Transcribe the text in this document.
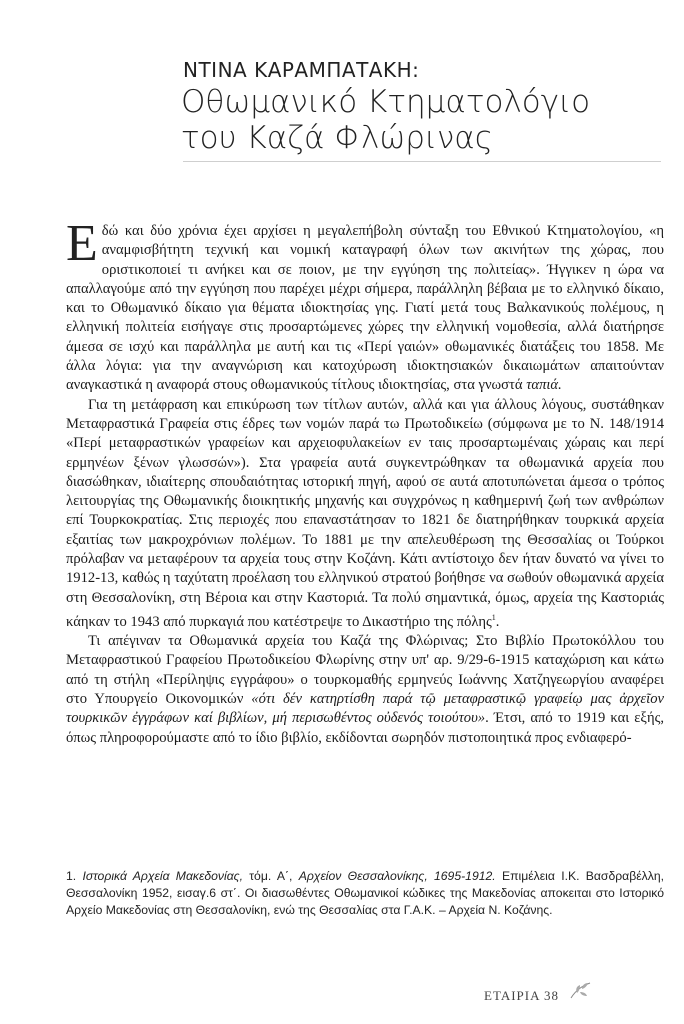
ΝΤΙΝΑ ΚΑΡΑΜΠΑΤΑΚΗ:
Οθωμανικό Κτηματολόγιο
του Καζά Φλώρινας

Εδώ και δύο χρόνια έχει αρχίσει η μεγαλεπήβολη σύνταξη του Εθνικού Κτηματολογίου, «η αναμφισβήτητη τεχνική και νομική καταγραφή όλων των ακινήτων της χώρας, που οριστικοποιεί τι ανήκει και σε ποιον, με την εγγύηση της πολιτείας». Ήγγικεν η ώρα να απαλλαγούμε από την εγγύηση που παρέχει μέχρι σήμερα, παράλληλη βέβαια με το ελληνικό δίκαιο, και το Οθωμανικό δίκαιο για θέματα ιδιοκτησίας γης. Γιατί μετά τους Βαλκανικούς πολέμους, η ελληνική πολιτεία εισήγαγε στις προσαρτώμενες χώρες την ελληνική νομοθεσία, αλλά διατήρησε άμεσα σε ισχύ και παράλληλα με αυτή και τις «Περί γαιών» οθωμανικές διατάξεις του 1858. Με άλλα λόγια: για την αναγνώριση και κατοχύρωση ιδιοκτησιακών δικαιωμάτων απαιτούνταν αναγκαστικά η αναφορά στους οθωμανικούς τίτλους ιδιοκτησίας, στα γνωστά ταπιά.

Για τη μετάφραση και επικύρωση των τίτλων αυτών, αλλά και για άλλους λόγους, συστάθηκαν Μεταφραστικά Γραφεία στις έδρες των νομών παρά τω Πρωτοδικείω (σύμφωνα με το Ν. 148/1914 «Περί μεταφραστικών γραφείων και αρχειοφυλακείων εν ταις προσαρτωμέναις χώραις και περί ερμηνέων ξένων γλωσσών»). Στα γραφεία αυτά συγκεντρώθηκαν τα οθωμανικά αρχεία που διασώθηκαν, ιδιαίτερης σπουδαιότητας ιστορική πηγή, αφού σε αυτά αποτυπώνεται άμεσα ο τρόπος λειτουργίας της Οθωμανικής διοικητικής μηχανής και συγχρόνως η καθημερινή ζωή των ανθρώπων επί Τουρκοκρατίας. Στις περιοχές που επαναστάτησαν το 1821 δε διατηρήθηκαν τουρκικά αρχεία εξαιτίας των μακροχρόνιων πολέμων. Το 1881 με την απελευθέρωση της Θεσσαλίας οι Τούρκοι πρόλαβαν να μεταφέρουν τα αρχεία τους στην Κοζάνη. Κάτι αντίστοιχο δεν ήταν δυνατό να γίνει το 1912-13, καθώς η ταχύτατη προέλαση του ελληνικού στρατού βοήθησε να σωθούν οθωμανικά αρχεία στη Θεσσαλονίκη, στη Βέροια και στην Καστοριά. Τα πολύ σημαντικά, όμως, αρχεία της Καστοριάς κάηκαν το 1943 από πυρκαγιά που κατέστρεψε το Δικαστήριο της πόλης$^1$.

Τι απέγιναν τα Οθωμανικά αρχεία του Καζά της Φλώρινας; Στο Βιβλίο Πρωτοκόλλου του Μεταφραστικού Γραφείου Πρωτοδικείου Φλωρίνης στην υπ' αρ. 9/29-6-1915 καταχώριση και κάτω από τη στήλη «Περίληψις εγγράφου» ο τουρκομαθής ερμηνεύς Ιωάννης Χατζηγεωργίου αναφέρει στο Υπουργείο Οικονομικών «ότι δέν κατηρτίσθη παρά τῷ μεταφραστικῷ γραφείῳ μας ἀρχεῖον τουρκικῶν ἐγγράφων καί βιβλίων, μή περισωθέντος οὐδενός τοιούτου». Έτσι, από το 1919 και εξής, όπως πληροφορούμαστε από το ίδιο βιβλίο, εκδίδονται σωρηδόν πιστοποιητικά προς ενδιαφερό-

1. Ιστορικά Αρχεία Μακεδονίας, τόμ. Α΄, Αρχείον Θεσσαλονίκης, 1695-1912. Επιμέλεια Ι.Κ. Βασδραβέλλη, Θεσσαλονίκη 1952, εισαγ.6 στ΄. Οι διασωθέντες Οθωμανικοί κώδικες της Μακεδονίας αποκειται στο Ιστορικό Αρχείο Μακεδονίας στη Θεσσαλονίκη, ενώ της Θεσσαλίας στα Γ.Α.Κ. – Αρχεία Ν. Κοζάνης.
ΕΤΑΙΡΙΑ 38
